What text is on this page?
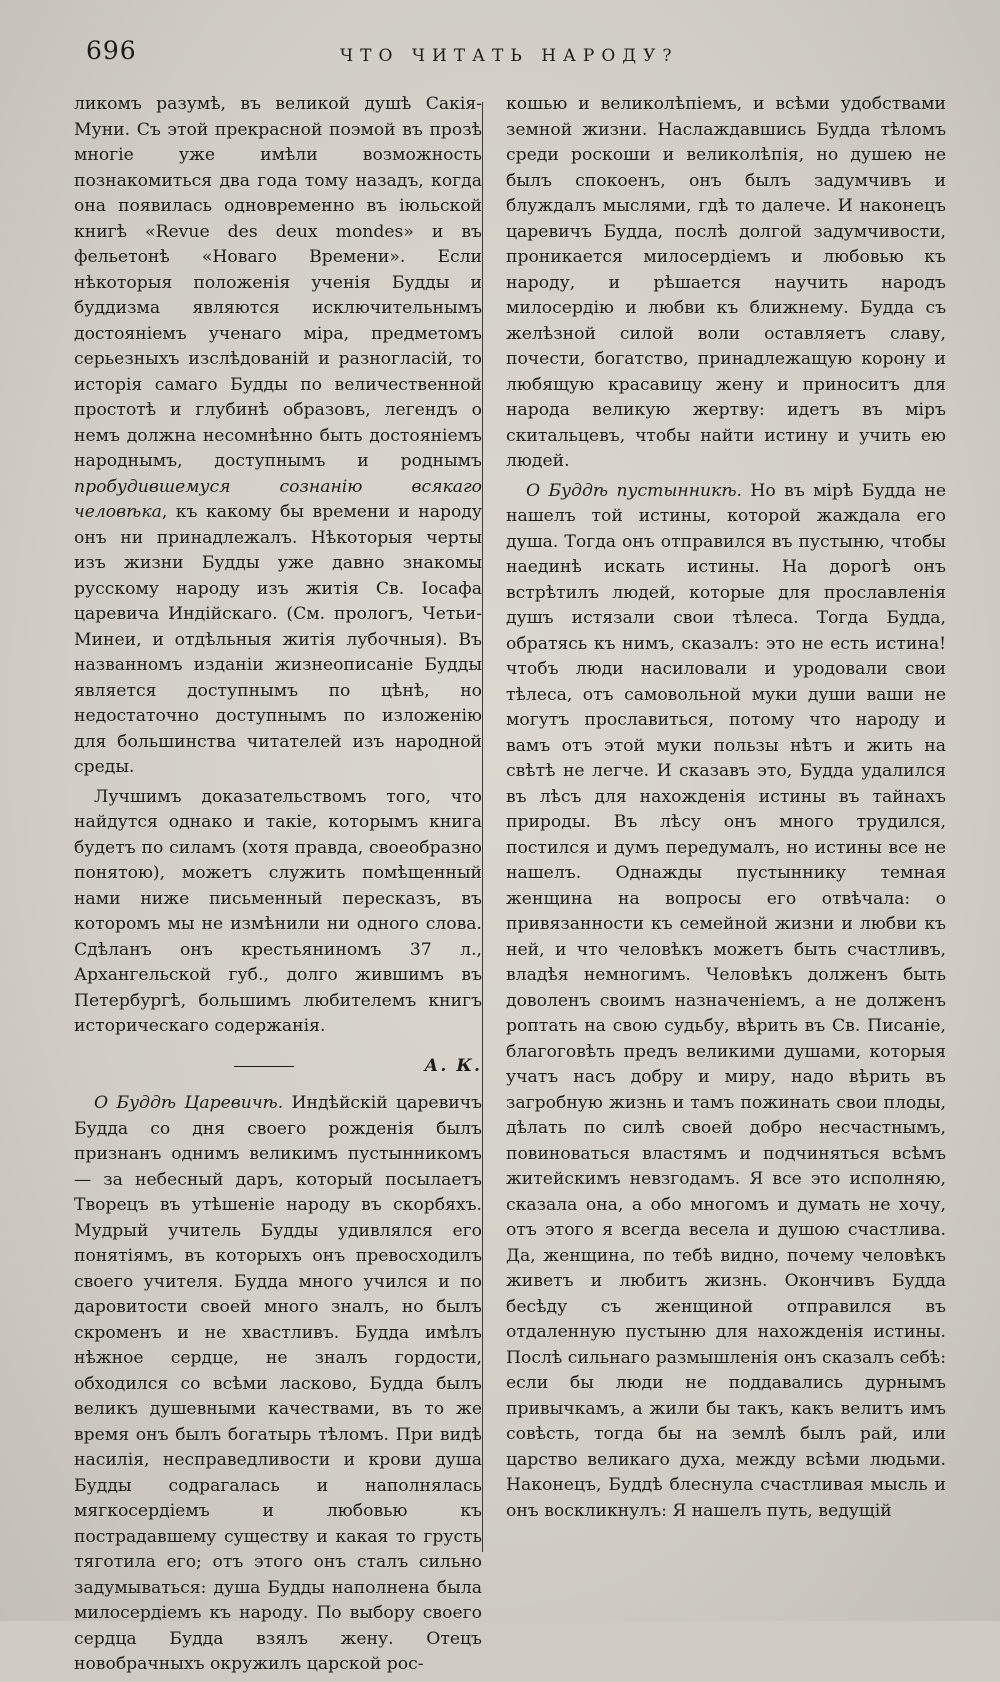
696	ЧТО ЧИТАТЬ НАРОДУ?

ликомъ разумѣ, въ великой душѣ Сакія-Муни. Съ этой прекрасной поэмой въ прозѣ многіе уже имѣли возможность познакомиться два года тому назадъ, когда она появилась одновременно въ іюльской книгѣ «Revue des deux mondes» и въ фельетонѣ «Новаго Времени». Если нѣкоторыя положенія ученія Будды и буддизма являются исключительнымъ достояніемъ ученаго міра, предметомъ серьезныхъ изслѣдованій и разногласій, то исторія самаго Будды по величественной простотѣ и глубинѣ образовъ, легендъ о немъ должна несомнѣнно быть достояніемъ народнымъ, доступнымъ и роднымъ пробудившемуся сознанію всякаго человѣка, къ какому бы времени и народу онъ ни принадлежалъ. Нѣкоторыя черты изъ жизни Будды уже давно знакомы русскому народу изъ житія Св. Іосафа царевича Индійскаго. (См. прологъ, Четьи-Минеи, и отдѣльныя житія лубочныя). Въ названномъ изданіи жизнеописаніе Будды является доступнымъ по цѣнѣ, но недостаточно доступнымъ по изложенію для большинства читателей изъ народной среды.

Лучшимъ доказательствомъ того, что найдутся однако и такіе, которымъ книга будетъ по силамъ (хотя правда, своеобразно понятою), можетъ служить помѣщенный нами ниже письменный пересказъ, въ которомъ мы не измѣнили ни одного слова. Сдѣланъ онъ крестьяниномъ 37 л., Архангельской губ., долго жившимъ въ Петербургѣ, большимъ любителемъ книгъ историческаго содержанія.

А. К.

О Буддѣ Царевичѣ. Индѣйскій царевичъ Будда со дня своего рожденія былъ признанъ однимъ великимъ пустынникомъ — за небесный даръ, который посылаетъ Творецъ въ утѣшеніе народу въ скорбяхъ. Мудрый учитель Будды удивлялся его понятіямъ, въ которыхъ онъ превосходилъ своего учителя. Будда много учился и по даровитости своей много зналъ, но былъ скроменъ и не хвастливъ. Будда имѣлъ нѣжное сердце, не зналъ гордости, обходился со всѣми ласково, Будда былъ великъ душевными качествами, въ то же время онъ былъ богатырь тѣломъ. При видѣ насилія, несправедливости и крови душа Будды содрагалась и наполнялась мягкосердіемъ и любовью къ пострадавшему существу и какая то грусть тяготила его; отъ этого онъ сталъ сильно задумываться: душа Будды наполнена была милосердіемъ къ народу. По выбору своего сердца Будда взялъ жену. Отецъ новобрачныхъ окружилъ царской рос-

кошью и великолѣпіемъ, и всѣми удобствами земной жизни. Наслаждавшись Будда тѣломъ среди роскоши и великолѣпія, но душею не былъ спокоенъ, онъ былъ задумчивъ и блуждалъ мыслями, гдѣ то далече. И наконецъ царевичъ Будда, послѣ долгой задумчивости, проникается милосердіемъ и любовью къ народу, и рѣшается научить народъ милосердію и любви къ ближнему. Будда съ желѣзной силой воли оставляетъ славу, почести, богатство, принадлежащую корону и любящую красавицу жену и приноситъ для народа великую жертву: идетъ въ міръ скитальцевъ, чтобы найти истину и учить ею людей.

О Буддѣ пустынникѣ. Но въ мірѣ Будда не нашелъ той истины, которой жаждала его душа. Тогда онъ отправился въ пустыню, чтобы наединѣ искать истины. На дорогѣ онъ встрѣтилъ людей, которые для прославленія душъ истязали свои тѣлеса. Тогда Будда, обратясь къ нимъ, сказалъ: это не есть истина! чтобъ люди насиловали и уродовали свои тѣлеса, отъ самовольной муки души ваши не могутъ прославиться, потому что народу и вамъ отъ этой муки пользы нѣтъ и жить на свѣтѣ не легче. И сказавъ это, Будда удалился въ лѣсъ для нахожденія истины въ тайнахъ природы. Въ лѣсу онъ много трудился, постился и думъ передумалъ, но истины все не нашелъ. Однажды пустыннику темная женщина на вопросы его отвѣчала: о привязанности къ семейной жизни и любви къ ней, и что человѣкъ можетъ быть счастливъ, владѣя немногимъ. Человѣкъ долженъ быть доволенъ своимъ назначеніемъ, а не долженъ роптать на свою судьбу, вѣрить въ Св. Писаніе, благоговѣть предъ великими душами, которыя учатъ насъ добру и миру, надо вѣрить въ загробную жизнь и тамъ пожинать свои плоды, дѣлать по силѣ своей добро несчастнымъ, повиноваться властямъ и подчиняться всѣмъ житейскимъ невзгодамъ. Я все это исполняю, сказала она, а обо многомъ и думать не хочу, отъ этого я всегда весела и душою счастлива. Да, женщина, по тебѣ видно, почему человѣкъ живетъ и любитъ жизнь. Окончивъ Будда бесѣду съ женщиной отправился въ отдаленную пустыню для нахожденія истины. Послѣ сильнаго размышленія онъ сказалъ себѣ: если бы люди не поддавались дурнымъ привычкамъ, а жили бы такъ, какъ велитъ имъ совѣсть, тогда бы на землѣ былъ рай, или царство великаго духа, между всѣми людьми. Наконецъ, Буддѣ блеснула счастливая мысль и онъ воскликнулъ: Я нашелъ путь, ведущій
